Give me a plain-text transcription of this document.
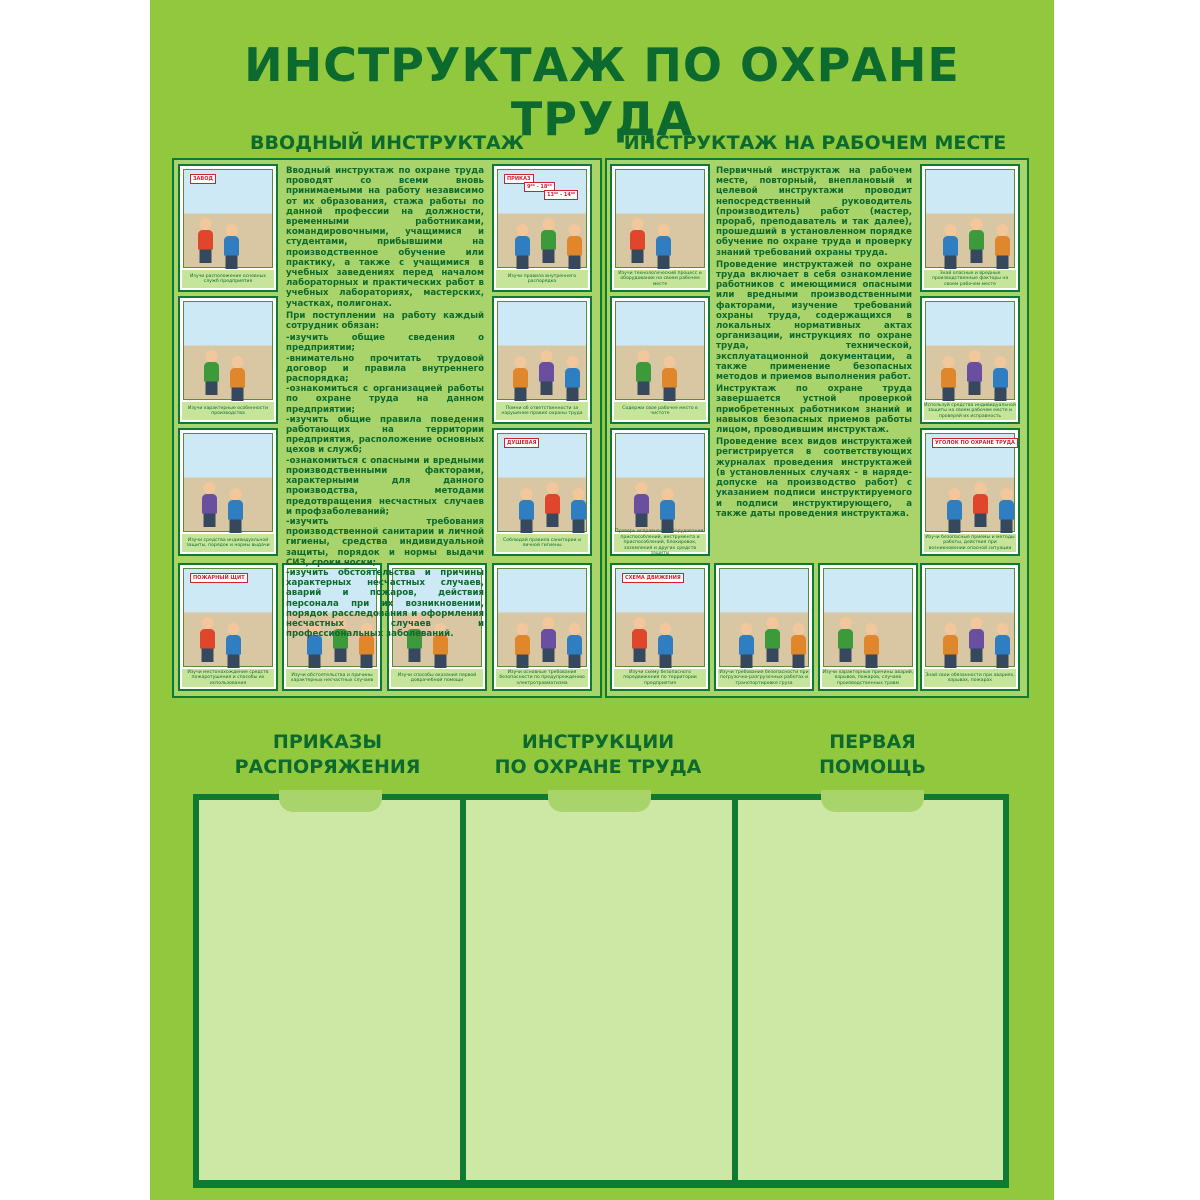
ИНСТРУКТАЖ ПО ОХРАНЕ ТРУДА
ВВОДНЫЙ ИНСТРУКТАЖ	ИНСТРУКТАЖ НА РАБОЧЕМ МЕСТЕ
ЗАВОД
Изучи расположение основных служб предприятия
ПРИКАЗ
9⁰⁰ - 18⁰⁰
13⁰⁰ - 14⁰⁰
Изучи правила внутреннего распорядка
Изучи характерные особенности производства
Помни об ответственности за нарушение правил охраны труда
Изучи средства индивидуальной защиты, порядок и нормы выдачи
ДУШЕВАЯ
Соблюдай правила санитарии и личной гигиены
ПОЖАРНЫЙ ЩИТ
Изучи местонахождение средств пожаротушения и способы их использования
Изучи обстоятельства и причины характерных несчастных случаев
Изучи способы оказания первой доврачебной помощи
Изучи основные требования безопасности по предупреждению электротравматизма
Изучи технологический процесс и оборудование на своем рабочем месте
Знай опасные и вредные производственные факторы на своем рабочем месте
Содержи свое рабочее место в чистоте
Используй средства индивидуальной защиты на своем рабочем месте и проверяй их исправность
приспособлений, инструмента и приспособлений, блокировок, заземления и других средств защиты
УГОЛОК ПО ОХРАНЕ ТРУДА
Изучи безопасные приемы и методы работы, действия при возникновении опасной ситуации
СХЕМА ДВИЖЕНИЯ
Изучи схему безопасного передвижения по территории предприятия
Изучи требования безопасности при погрузочно-разгрузочных работах и транспортировке груза
Изучи характерные причины аварий, взрывов, пожаров, случаев производственных травм
Знай свои обязанности при авариях, взрывах, пожарах

Вводный инструктаж по охране труда проводят со всеми вновь принимаемыми на работу независимо от их образования, стажа работы по данной профессии на должности, временными работниками, командировочными, учащимися и студентами, прибывшими на производственное обучение или практику, а также с учащимися в учебных заведениях перед началом лабораторных и практических работ в учебных лабораториях, мастерских, участках, полигонах.

При поступлении на работу каждый сотрудник обязан:

-изучить общие сведения о предприятии;

-внимательно прочитать трудовой договор и правила внутреннего распорядка;

-ознакомиться с организацией работы по охране труда на данном предприятии;

-изучить общие правила поведения работающих на территории предприятия, расположение основных цехов и служб;

-ознакомиться с опасными и вредными производственными факторами, характерными для данного производства, методами предотвращения несчастных случаев и профзаболеваний;

-изучить требования производственной санитарии и личной гигиены, средства индивидуальной защиты, порядок и нормы выдачи СИЗ, сроки носки;

-изучить обстоятельства и причины характерных несчастных случаев, аварий и пожаров, действия персонала при их возникновении, порядок расследования и оформления несчастных случаев и профессиональных заболеваний.

Первичный инструктаж на рабочем месте, повторный, внеплановый и целевой инструктажи проводит непосредственный руководитель (производитель) работ (мастер, прораб, преподаватель и так далее), прошедший в установленном порядке обучение по охране труда и проверку знаний требований охраны труда.

Проведение инструктажей по охране труда включает в себя ознакомление работников с имеющимися опасными или вредными производственными факторами, изучение требований охраны труда, содержащихся в локальных нормативных актах организации, инструкциях по охране труда, технической, эксплуатационной документации, а также применение безопасных методов и приемов выполнения работ.

Инструктаж по охране труда завершается устной проверкой приобретенных работником знаний и навыков безопасных приемов работы лицом, проводившим инструктаж.

Проведение всех видов инструктажей регистрируется в соответствующих журналах проведения инструктажей (в установленных случаях - в наряде-допуске на производство работ) с указанием подписи инструктируемого и подписи инструктирующего, а также даты проведения инструктажа.

ПРИКАЗЫ
РАСПОРЯЖЕНИЯ
ИНСТРУКЦИИ
ПО ОХРАНЕ ТРУДА
ПЕРВАЯ
ПОМОЩЬ
